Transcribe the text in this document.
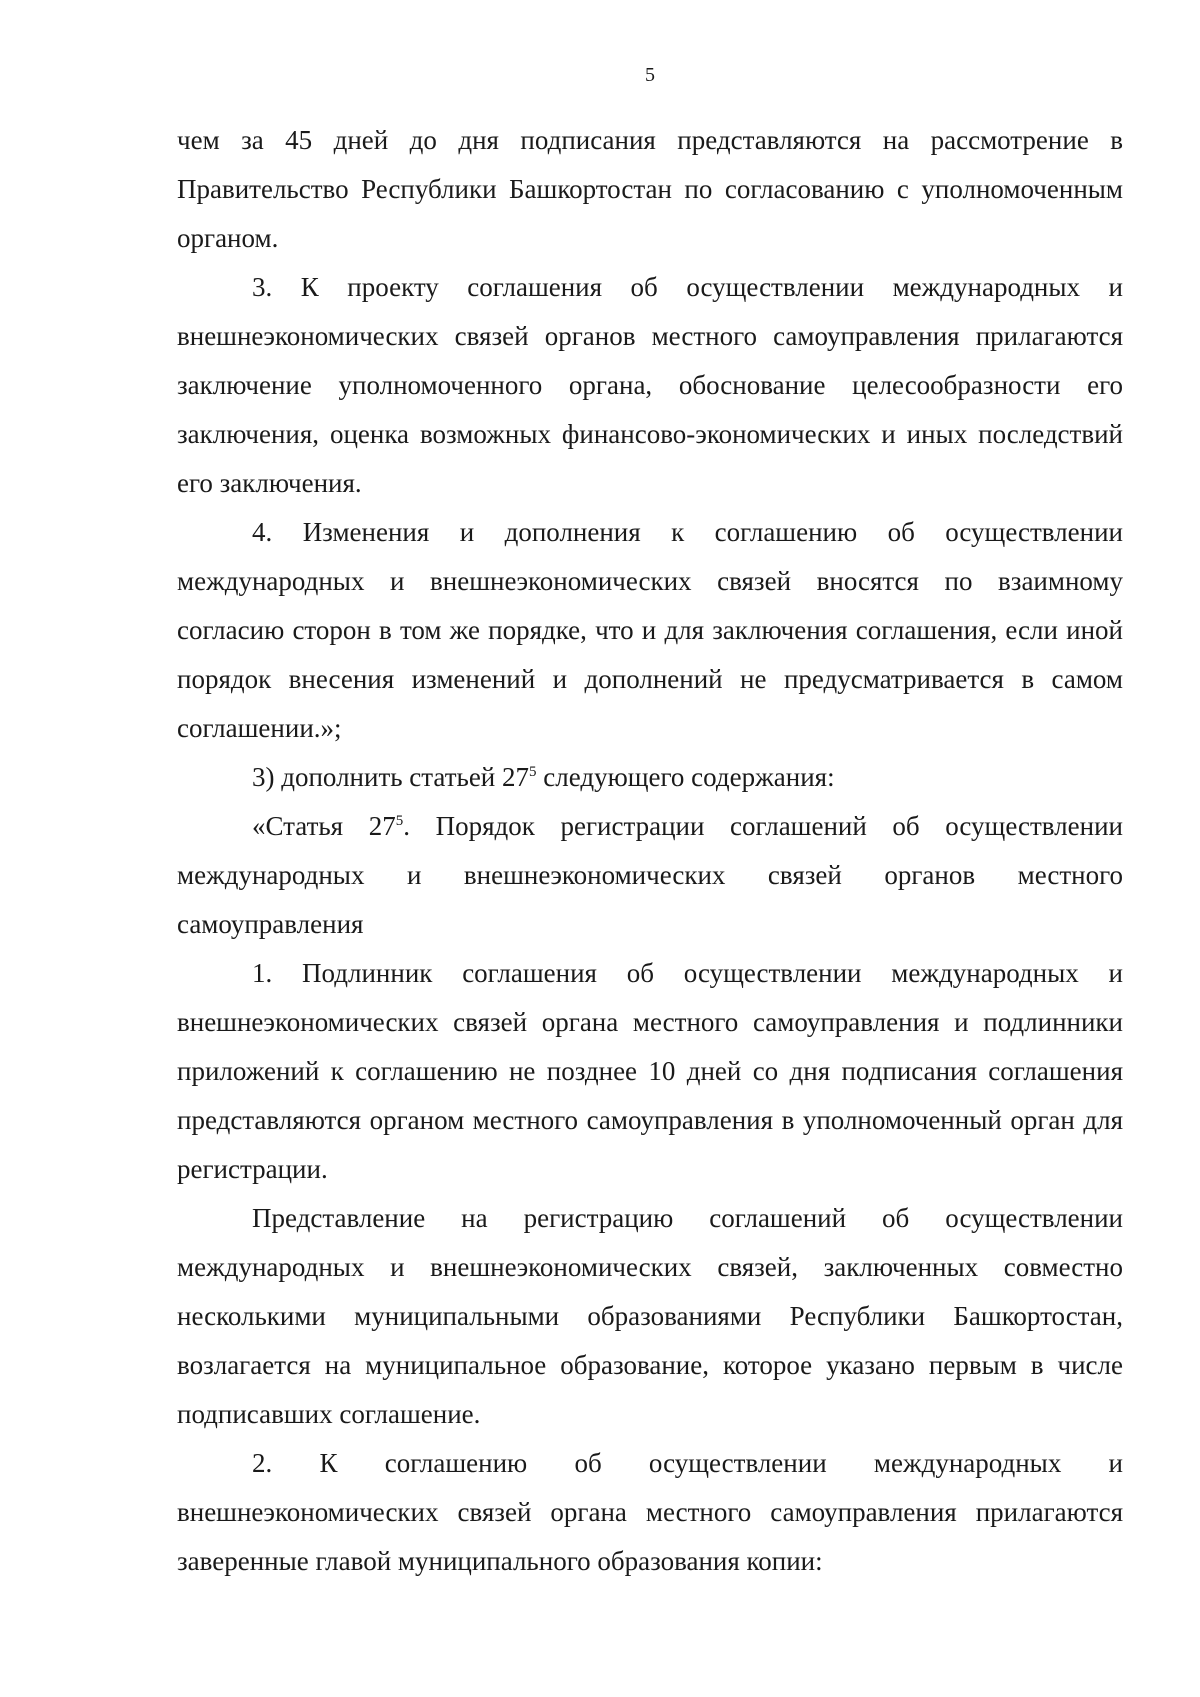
5

чем за 45 дней до дня подписания представляются на рассмотрение в Правительство Республики Башкортостан по согласованию с уполномоченным органом.

3. К проекту соглашения об осуществлении международных и внешнеэкономических связей органов местного самоуправления прилагаются заключение уполномоченного органа, обоснование целесообразности его заключения, оценка возможных финансово-экономических и иных последствий его заключения.

4. Изменения и дополнения к соглашению об осуществлении международных и внешнеэкономических связей вносятся по взаимному согласию сторон в том же порядке, что и для заключения соглашения, если иной порядок внесения изменений и дополнений не предусматривается в самом соглашении.»;

3) дополнить статьей $27^5$ следующего содержания:

«Статья $27^5$. Порядок регистрации соглашений об осуществлении международных и внешнеэкономических связей органов местного самоуправления

1. Подлинник соглашения об осуществлении международных и внешнеэкономических связей органа местного самоуправления и подлинники приложений к соглашению не позднее 10 дней со дня подписания соглашения представляются органом местного самоуправления в уполномоченный орган для регистрации.

Представление на регистрацию соглашений об осуществлении международных и внешнеэкономических связей, заключенных совместно несколькими муниципальными образованиями Республики Башкортостан, возлагается на муниципальное образование, которое указано первым в числе подписавших соглашение.

2. К соглашению об осуществлении международных и внешнеэкономических связей органа местного самоуправления прилагаются заверенные главой муниципального образования копии:
